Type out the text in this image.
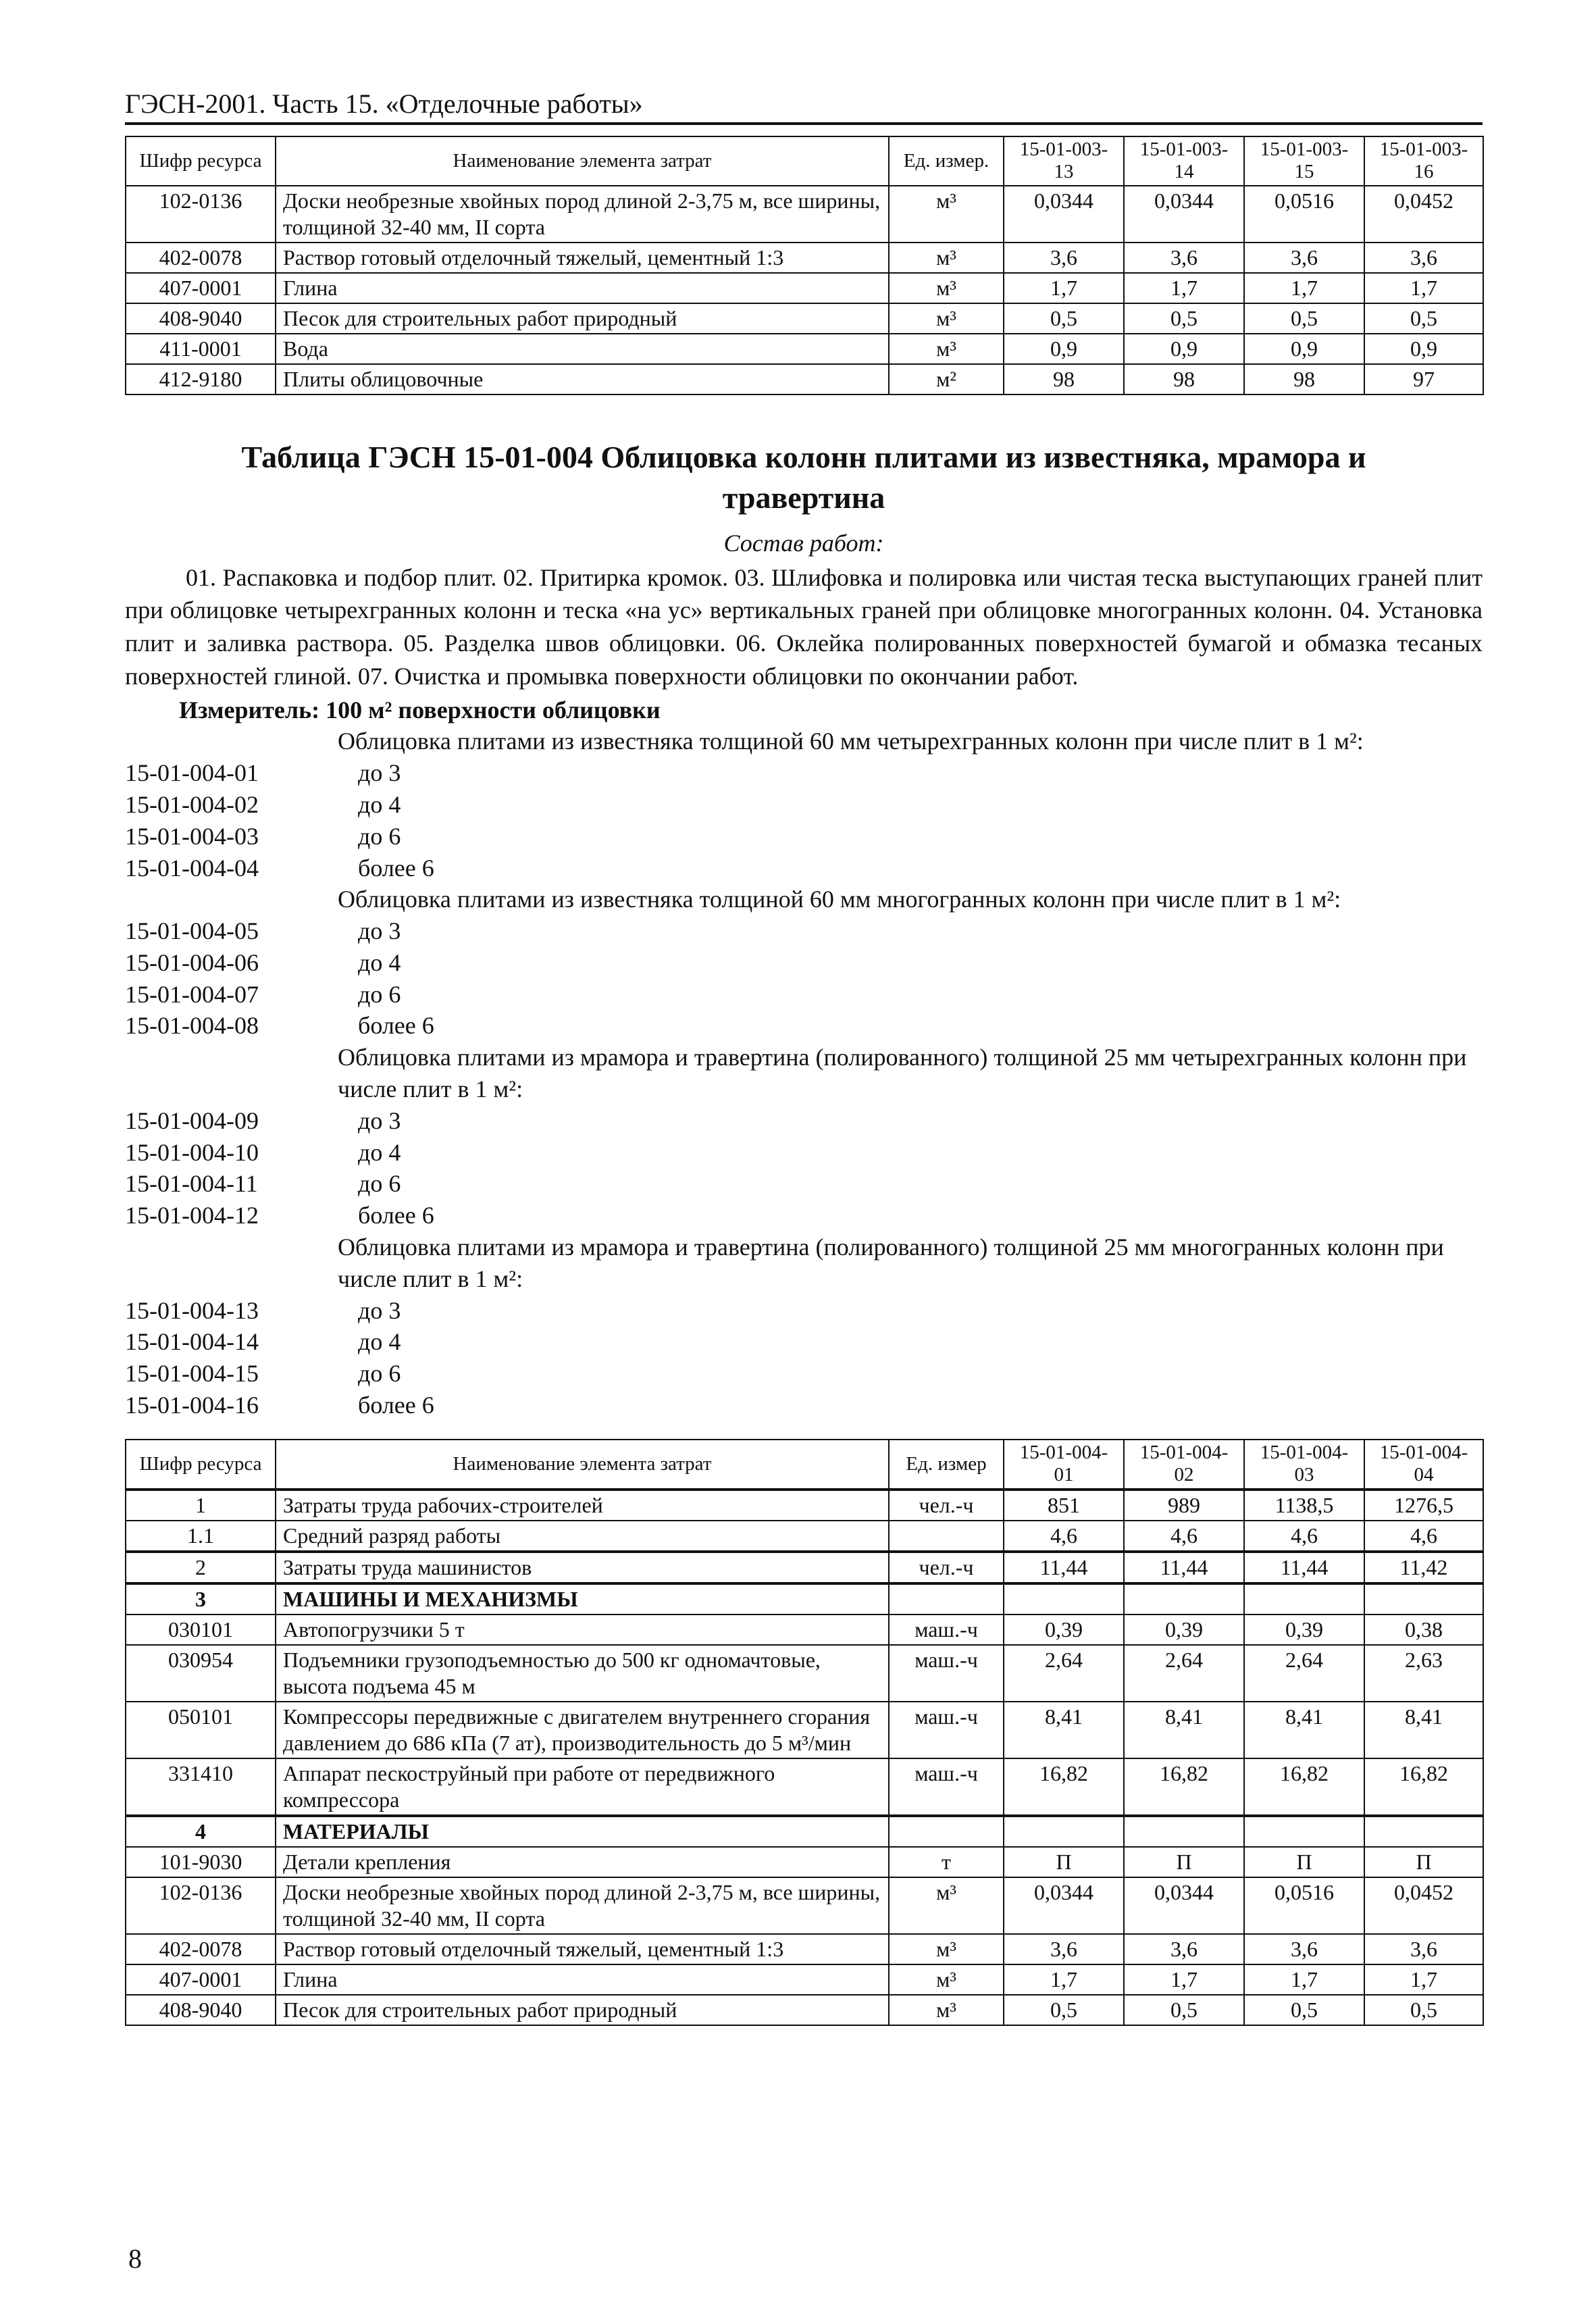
ГЭСН-2001. Часть 15. «Отделочные работы»
Шифр ресурса	Наименование элемента затрат	Ед. измер.	15-01-003-13	15-01-003-14	15-01-003-15	15-01-003-16
102-0136	Доски необрезные хвойных пород длиной 2-3,75 м, все ширины, толщиной 32-40 мм, II сорта	м³	0,0344	0,0344	0,0516	0,0452
402-0078	Раствор готовый отделочный тяжелый, цементный 1:3	м³	3,6	3,6	3,6	3,6
407-0001	Глина	м³	1,7	1,7	1,7	1,7
408-9040	Песок для строительных работ природный	м³	0,5	0,5	0,5	0,5
411-0001	Вода	м³	0,9	0,9	0,9	0,9
412-9180	Плиты облицовочные	м²	98	98	98	97
Таблица ГЭСН 15-01-004 Облицовка колонн плитами из известняка, мрамора и
травертина
Состав работ:
01. Распаковка и подбор плит. 02. Притирка кромок. 03. Шлифовка и полировка или чистая теска выступающих граней плит при облицовке четырехгранных колонн и теска «на ус» вертикальных граней при облицовке многогранных колонн. 04. Установка плит и заливка раствора. 05. Разделка швов облицовки. 06. Оклейка полированных поверхностей бумагой и обмазка тесаных поверхностей глиной. 07. Очистка и промывка поверхности облицовки по окончании работ.
Измеритель: 100 м² поверхности облицовки
Облицовка плитами из известняка толщиной 60 мм четырехгранных колонн при числе плит в 1 м²:
15-01-004-01	до 3
15-01-004-02	до 4
15-01-004-03	до 6
15-01-004-04	более 6
Облицовка плитами из известняка толщиной 60 мм многогранных колонн при числе плит в 1 м²:
15-01-004-05	до 3
15-01-004-06	до 4
15-01-004-07	до 6
15-01-004-08	более 6
Облицовка плитами из мрамора и травертина (полированного) толщиной 25 мм четырехгранных колонн при числе плит в 1 м²:
15-01-004-09	до 3
15-01-004-10	до 4
15-01-004-11	до 6
15-01-004-12	более 6
Облицовка плитами из мрамора и травертина (полированного) толщиной 25 мм многогранных колонн при числе плит в 1 м²:
15-01-004-13	до 3
15-01-004-14	до 4
15-01-004-15	до 6
15-01-004-16	более 6
Шифр ресурса	Наименование элемента затрат	Ед. измер	15-01-004-01	15-01-004-02	15-01-004-03	15-01-004-04
1	Затраты труда рабочих-строителей	чел.-ч	851	989	1138,5	1276,5
1.1	Средний разряд работы		4,6	4,6	4,6	4,6
2	Затраты труда машинистов	чел.-ч	11,44	11,44	11,44	11,42
3	МАШИНЫ И МЕХАНИЗМЫ					
030101	Автопогрузчики 5 т	маш.-ч	0,39	0,39	0,39	0,38
030954	Подъемники грузоподъемностью до 500 кг одномачтовые, высота подъема 45 м	маш.-ч	2,64	2,64	2,64	2,63
050101	Компрессоры передвижные с двигателем внутреннего сгорания давлением до 686 кПа (7 ат), производительность до 5 м³/мин	маш.-ч	8,41	8,41	8,41	8,41
331410	Аппарат пескоструйный при работе от передвижного компрессора	маш.-ч	16,82	16,82	16,82	16,82
4	МАТЕРИАЛЫ					
101-9030	Детали крепления	т	П	П	П	П
102-0136	Доски необрезные хвойных пород длиной 2-3,75 м, все ширины, толщиной 32-40 мм, II сорта	м³	0,0344	0,0344	0,0516	0,0452
402-0078	Раствор готовый отделочный тяжелый, цементный 1:3	м³	3,6	3,6	3,6	3,6
407-0001	Глина	м³	1,7	1,7	1,7	1,7
408-9040	Песок для строительных работ природный	м³	0,5	0,5	0,5	0,5
8
